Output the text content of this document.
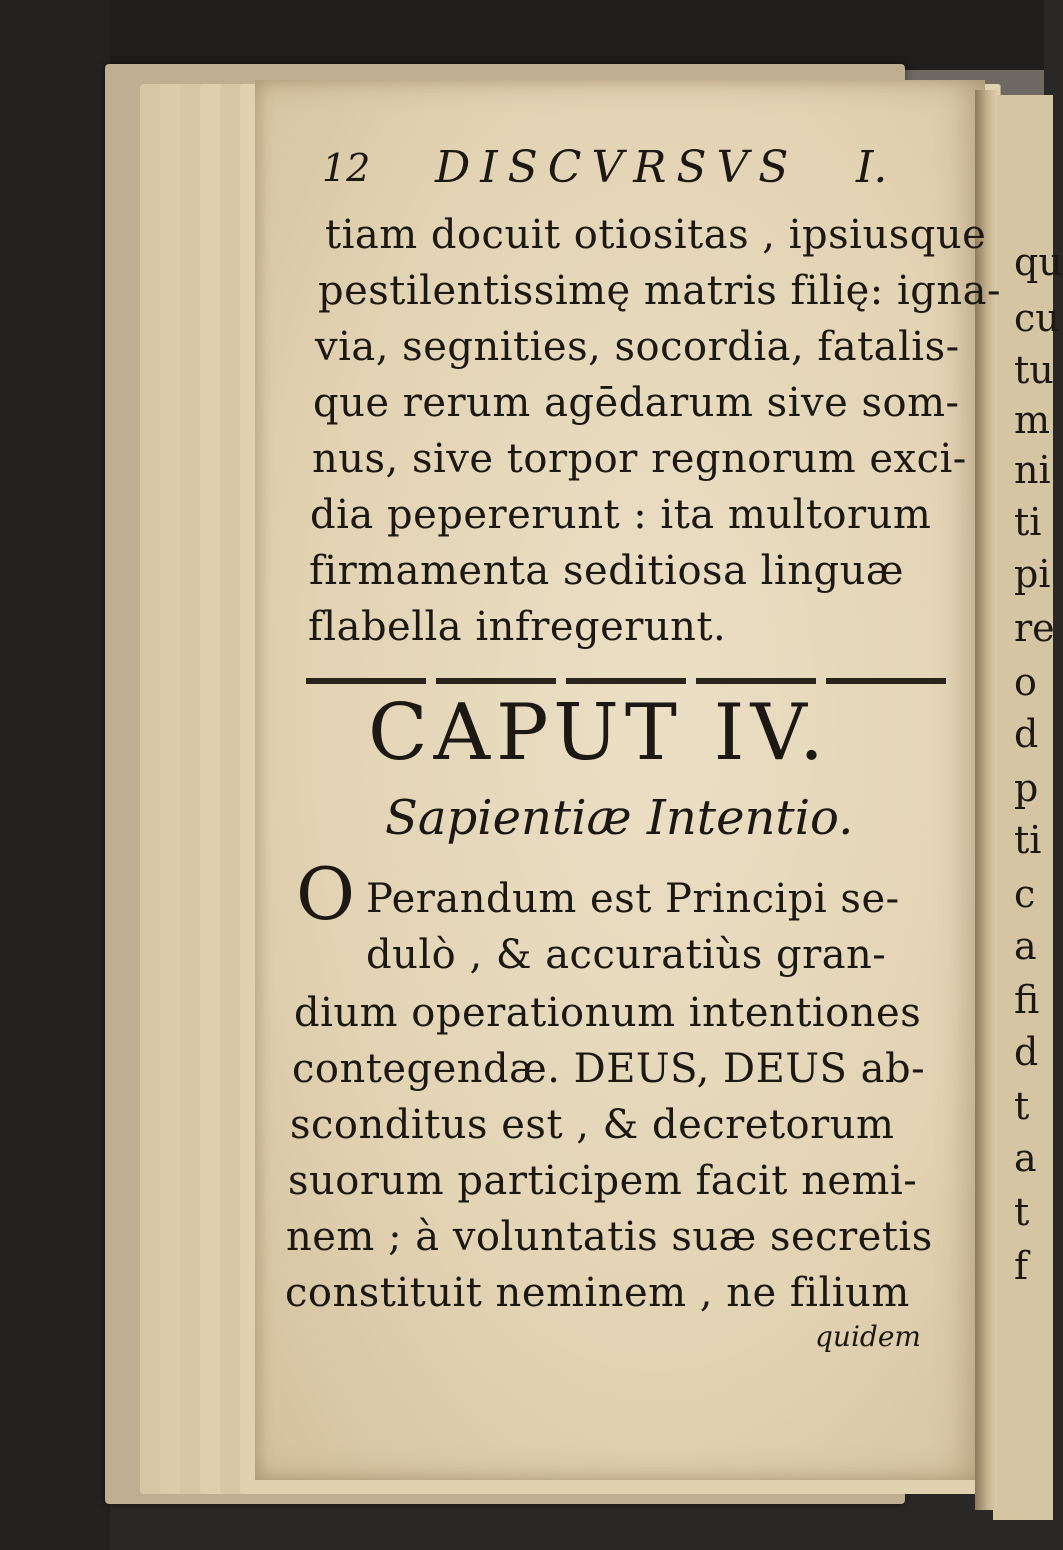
12 DISCVRSVS I.
tiam docuit otiositas , ipsiusque
pestilentissimę matris filię: igna-
via, segnities, socordia, fatalis-
que rerum agēdarum sive som-
nus, sive torpor regnorum exci-
dia pepererunt : ita multorum
firmamenta seditiosa linguæ
flabella infregerunt.
CAPUT IV.
Sapientiæ Intentio.
O Perandum est Principi se-
dulò , & accuratiùs gran-
dium operationum intentiones
contegendæ. DEUS, DEUS ab-
sconditus est , & decretorum
suorum participem facit nemi-
nem ; à voluntatis suæ secretis
constituit neminem , ne filium
quidem
qu
cu
tu
m
ni
ti
pi
re
o
d
p
ti
c
a
fi
d
t
a
t
f
